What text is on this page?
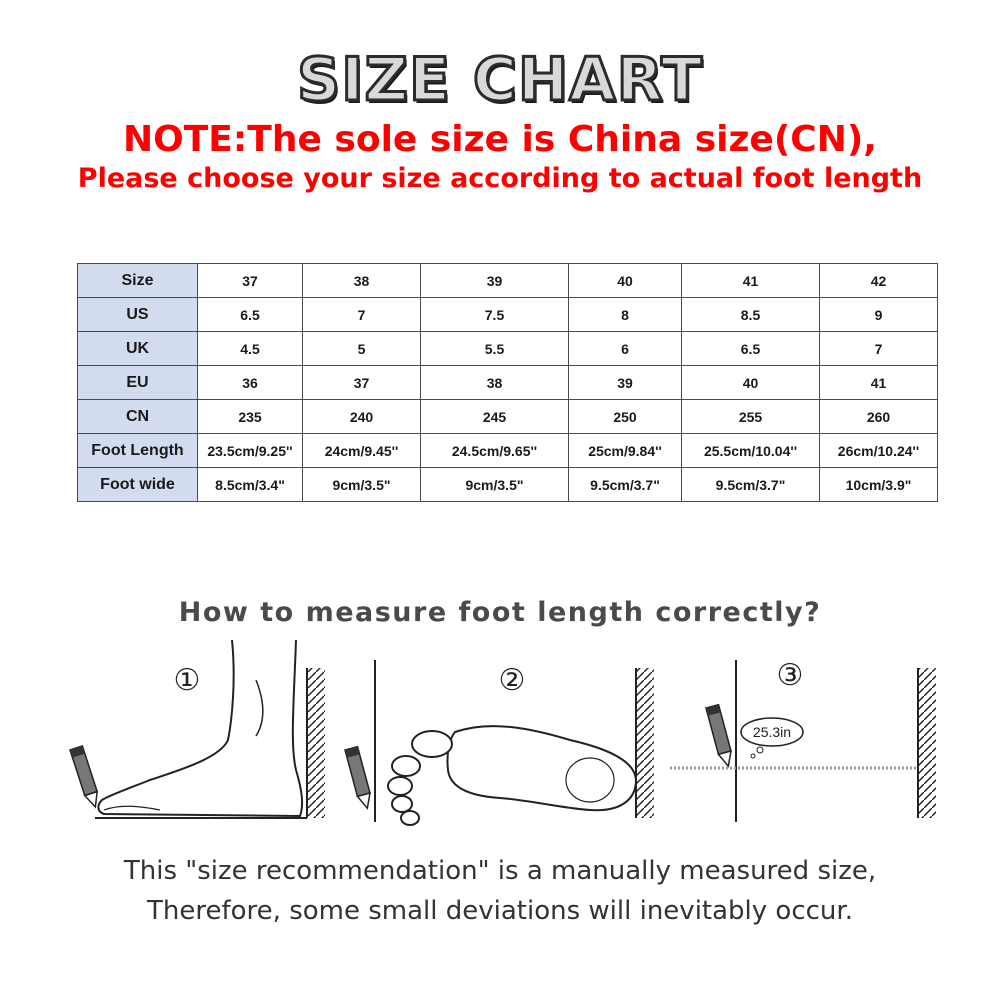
SIZE CHART
NOTE:The sole size is China size(CN),
Please choose your size according to actual foot length
Size	37	38	39	40	41	42
US	6.5	7	7.5	8	8.5	9
UK	4.5	5	5.5	6	6.5	7
EU	36	37	38	39	40	41
CN	235	240	245	250	255	260
Foot Length	23.5cm/9.25''	24cm/9.45''	24.5cm/9.65''	25cm/9.84''	25.5cm/10.04''	26cm/10.24''
Foot wide	8.5cm/3.4"	9cm/3.5"	9cm/3.5"	9.5cm/3.7"	9.5cm/3.7"	10cm/3.9"
How to measure foot length correctly?
①	②	③
25.3in
This "size recommendation" is a manually measured size,
Therefore, some small deviations will inevitably occur.
